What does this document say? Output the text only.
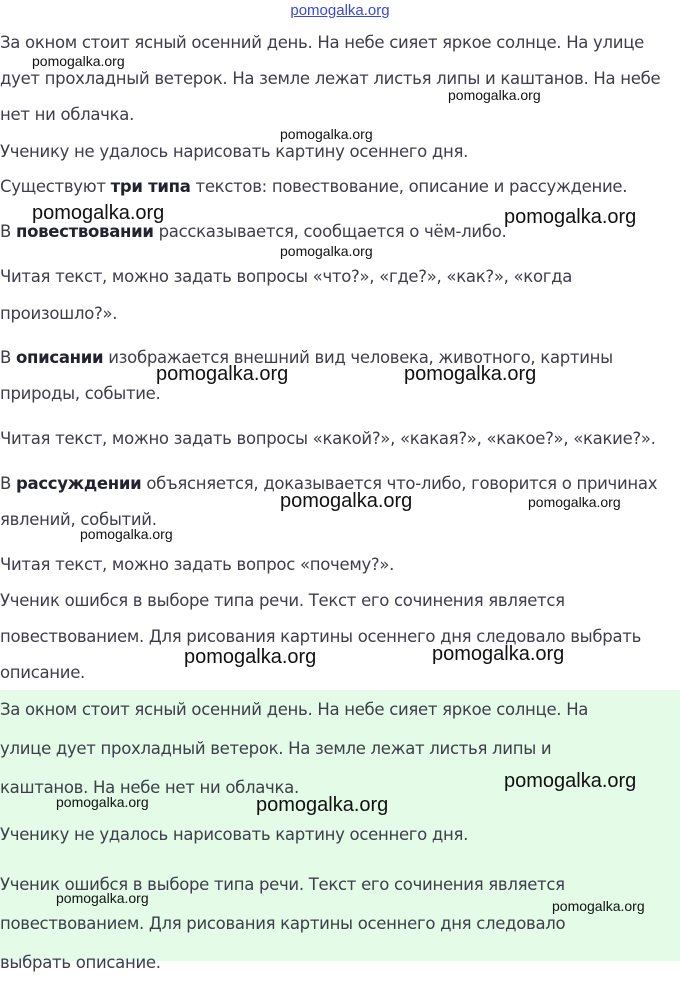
pomogalka.org
За окном стоит ясный осенний день. На небе сияет яркое солнце. На улице
дует прохладный ветерок. На земле лежат листья липы и каштанов. На небе
нет ни облачка.
Ученику не удалось нарисовать картину осеннего дня.
Существуют три типа текстов: повествование, описание и рассуждение.
В повествовании рассказывается, сообщается о чём-либо.
Читая текст, можно задать вопросы «что?», «где?», «как?», «когда
произошло?».
В описании изображается внешний вид человека, животного, картины
природы, событие.
Читая текст, можно задать вопросы «какой?», «какая?», «какое?», «какие?».
В рассуждении объясняется, доказывается что-либо, говорится о причинах
явлений, событий.
Читая текст, можно задать вопрос «почему?».
Ученик ошибся в выборе типа речи. Текст его сочинения является
повествованием. Для рисования картины осеннего дня следовало выбрать
описание.
За окном стоит ясный осенний день. На небе сияет яркое солнце. На
улице дует прохладный ветерок. На земле лежат листья липы и
каштанов. На небе нет ни облачка.
Ученику не удалось нарисовать картину осеннего дня.
Ученик ошибся в выборе типа речи. Текст его сочинения является
повествованием. Для рисования картины осеннего дня следовало
выбрать описание.
pomogalka.org
pomogalka.org
pomogalka.org
pomogalka.org	pomogalka.org
pomogalka.org
pomogalka.org	pomogalka.org
pomogalka.org	pomogalka.org
pomogalka.org
pomogalka.org	pomogalka.org
pomogalka.org
pomogalka.org	pomogalka.org
pomogalka.org	pomogalka.org
